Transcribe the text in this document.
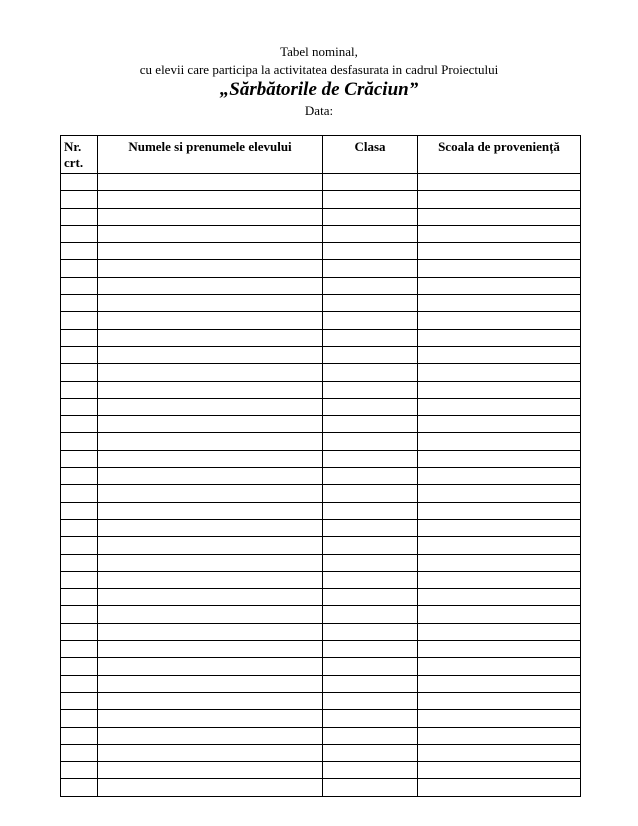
Tabel nominal,
cu elevii care participa la activitatea desfasurata in cadrul Proiectului
„Sărbătorile de Crăciun”
Data:
Nr. crt.	Numele si prenumele elevului	Clasa	Scoala de proveniență
